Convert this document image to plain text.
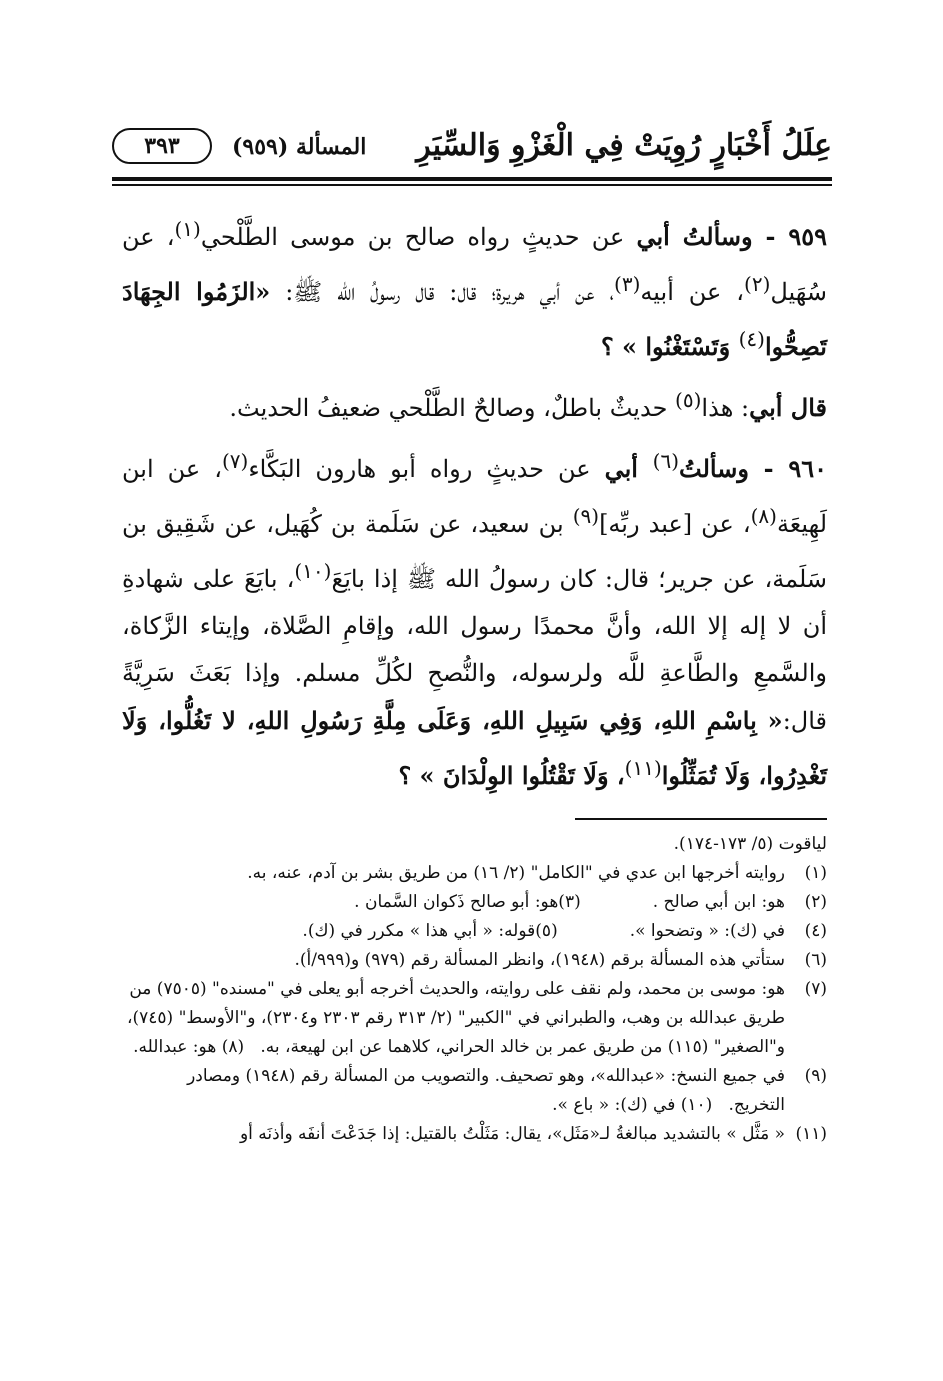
عِلَلُ أَخْبَارٍ رُوِيَتْ فِي الْغَزْوِ وَالسِّيَرِ
المسألة (٩٥٩)
٣٩٣

٩٥٩ - وسألتُ أبي عن حديثٍ رواه صالح بن موسى الطَّلْحي$^{(١)}$، عن سُهَيل$^{(٢)}$، عن أبيه$^{(٣)}$، عن أبي هريرة؛ قال: قال رسولُ الله ﷺ: «الزَمُوا الجِهَادَ تَصِحُّوا$^{(٤)}$ وَتَسْتَغْنُوا » ؟

قال أبي: هذا$^{(٥)}$ حديثٌ باطلٌ، وصالحٌ الطَّلْحي ضعيفُ الحديث.

٩٦٠ - وسألتُ$^{(٦)}$ أبي عن حديثٍ رواه أبو هارون البَكَّاء$^{(٧)}$، عن ابن لَهِيعَة$^{(٨)}$، عن [عبد ربِّه]$^{(٩)}$ بن سعيد، عن سَلَمة بن كُهَيل، عن شَقِيق بن سَلَمة، عن جرير؛ قال: كان رسولُ الله ﷺ إذا بايَعَ$^{(١٠)}$، بايَعَ على شهادةِ أن لا إله إلا الله، وأنَّ محمدًا رسول الله، وإقامِ الصَّلاة، وإيتاء الزَّكاة، والسَّمعِ والطَّاعةِ للَّه ولرسوله، والنُّصحِ لكُلِّ مسلم. وإذا بَعَثَ سَرِيَّةً قال:« بِاسْمِ اللهِ، وَفِي سَبِيلِ اللهِ، وَعَلَى مِلَّةِ رَسُولِ اللهِ، لا تَغُلُّوا، وَلَا تَغْدِرُوا، وَلَا تُمَثِّلُوا$^{(١١)}$، وَلَا تَقْتُلُوا الوِلْدَانَ » ؟

لياقوت (٥/ ١٧٣-١٧٤).
(١)
روايته أخرجها ابن عدي في "الكامل" (٢/ ١٦) من طريق بشر بن آدم، عنه، به.
(٢)
هو: ابن أبي صالح .
(٣)
هو: أبو صالح ذَكوان السَّمان .
(٤)
في (ك): « وتضحوا ».
(٥)
قوله: « أبي هذا » مكرر في (ك).
(٦)
ستأتي هذه المسألة برقم (١٩٤٨)، وانظر المسألة رقم (٩٧٩) و(٩٩٩/أ).
(٧)
هو: موسى بن محمد، ولم نقف على روايته، والحديث أخرجه أبو يعلى في "مسنده" (٧٥٠٥) من طريق عبدالله بن وهب، والطبراني في "الكبير" (٢/ ٣١٣ رقم ٢٣٠٣ و٢٣٠٤)، و"الأوسط" (٧٤٥)، و"الصغير" (١١٥) من طريق عمر بن خالد الحراني، كلاهما عن ابن لهيعة، به.   (٨) هو: عبدالله.
(٩)
في جميع النسخ: «عبدالله»، وهو تصحيف. والتصويب من المسألة رقم (١٩٤٨) ومصادر التخريج.   (١٠) في (ك): « باع ».
(١١)
« مَثَّل » بالتشديد مبالغةُ لـ«مَثَل»، يقال: مَثَلْتُ بالقتيل: إذا جَدَعْتَ أنفَه وأذنَه أو
